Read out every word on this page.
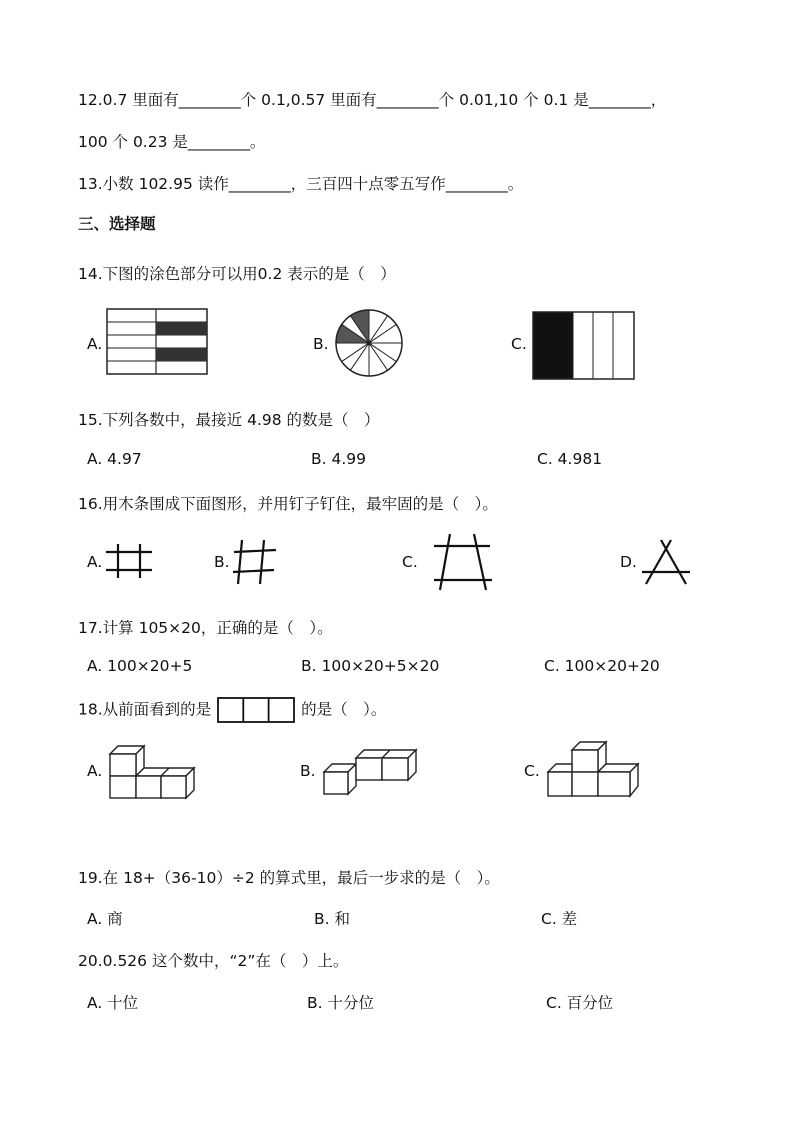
12.0.7 里面有________个 0.1,0.57 里面有________个 0.01,10 个 0.1 是________，
100 个 0.23 是________。
13.小数 102.95 读作________，三百四十点零五写作________。
三、选择题
14.下图的涂色部分可以用0.2 表示的是（　）
A.	B.	C.
15.下列各数中，最接近 4.98 的数是（　）
A. 4.97	B. 4.99	C. 4.981
16.用木条围成下面图形，并用钉子钉住，最牢固的是（　）。
A.	B.	C.	D.
17.计算 105×20，正确的是（　）。
A. 100×20+5	B. 100×20+5×20	C. 100×20+20
18.从前面看到的是	的是（　）。
A.	B.	C.
19.在 18+（36-10）÷2 的算式里，最后一步求的是（　）。
A. 商	B. 和	C. 差
20.0.526 这个数中，“2”在（　）上。
A. 十位	B. 十分位	C. 百分位
